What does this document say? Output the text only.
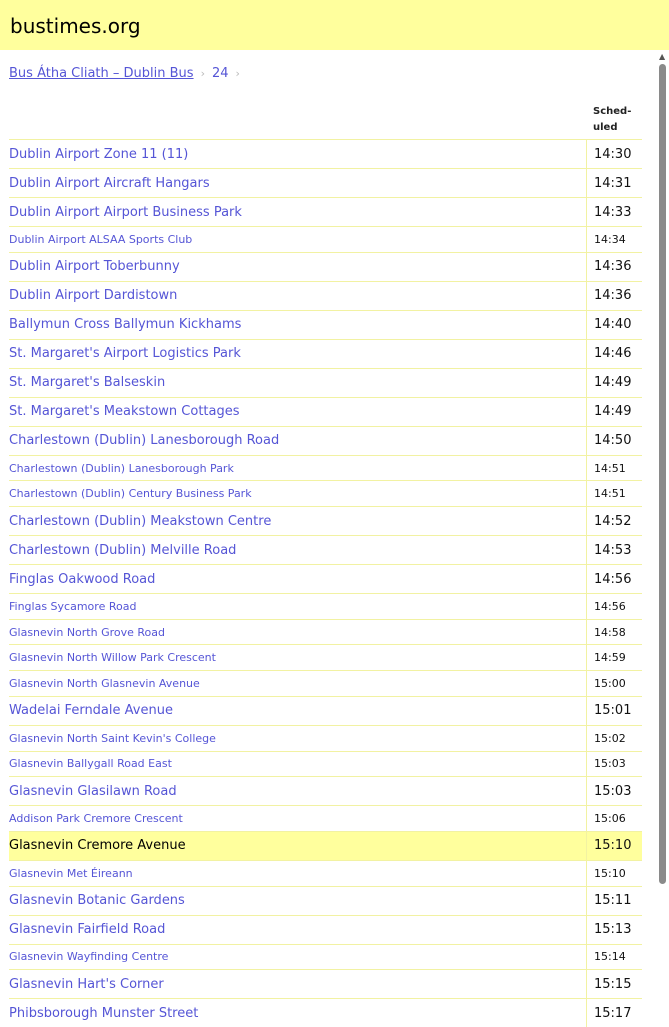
bustimes.org
Bus Átha Cliath – Dublin Bus › 24 ›
Sched-
uled
Dublin Airport Zone 11 (11)	14:30
Dublin Airport Aircraft Hangars	14:31
Dublin Airport Airport Business Park	14:33
Dublin Airport ALSAA Sports Club	14:34
Dublin Airport Toberbunny	14:36
Dublin Airport Dardistown	14:36
Ballymun Cross Ballymun Kickhams	14:40
St. Margaret's Airport Logistics Park	14:46
St. Margaret's Balseskin	14:49
St. Margaret's Meakstown Cottages	14:49
Charlestown (Dublin) Lanesborough Road	14:50
Charlestown (Dublin) Lanesborough Park	14:51
Charlestown (Dublin) Century Business Park	14:51
Charlestown (Dublin) Meakstown Centre	14:52
Charlestown (Dublin) Melville Road	14:53
Finglas Oakwood Road	14:56
Finglas Sycamore Road	14:56
Glasnevin North Grove Road	14:58
Glasnevin North Willow Park Crescent	14:59
Glasnevin North Glasnevin Avenue	15:00
Wadelai Ferndale Avenue	15:01
Glasnevin North Saint Kevin's College	15:02
Glasnevin Ballygall Road East	15:03
Glasnevin Glasilawn Road	15:03
Addison Park Cremore Crescent	15:06
Glasnevin Cremore Avenue	15:10
Glasnevin Met Éireann	15:10
Glasnevin Botanic Gardens	15:11
Glasnevin Fairfield Road	15:13
Glasnevin Wayfinding Centre	15:14
Glasnevin Hart's Corner	15:15
Phibsborough Munster Street	15:17
▲
